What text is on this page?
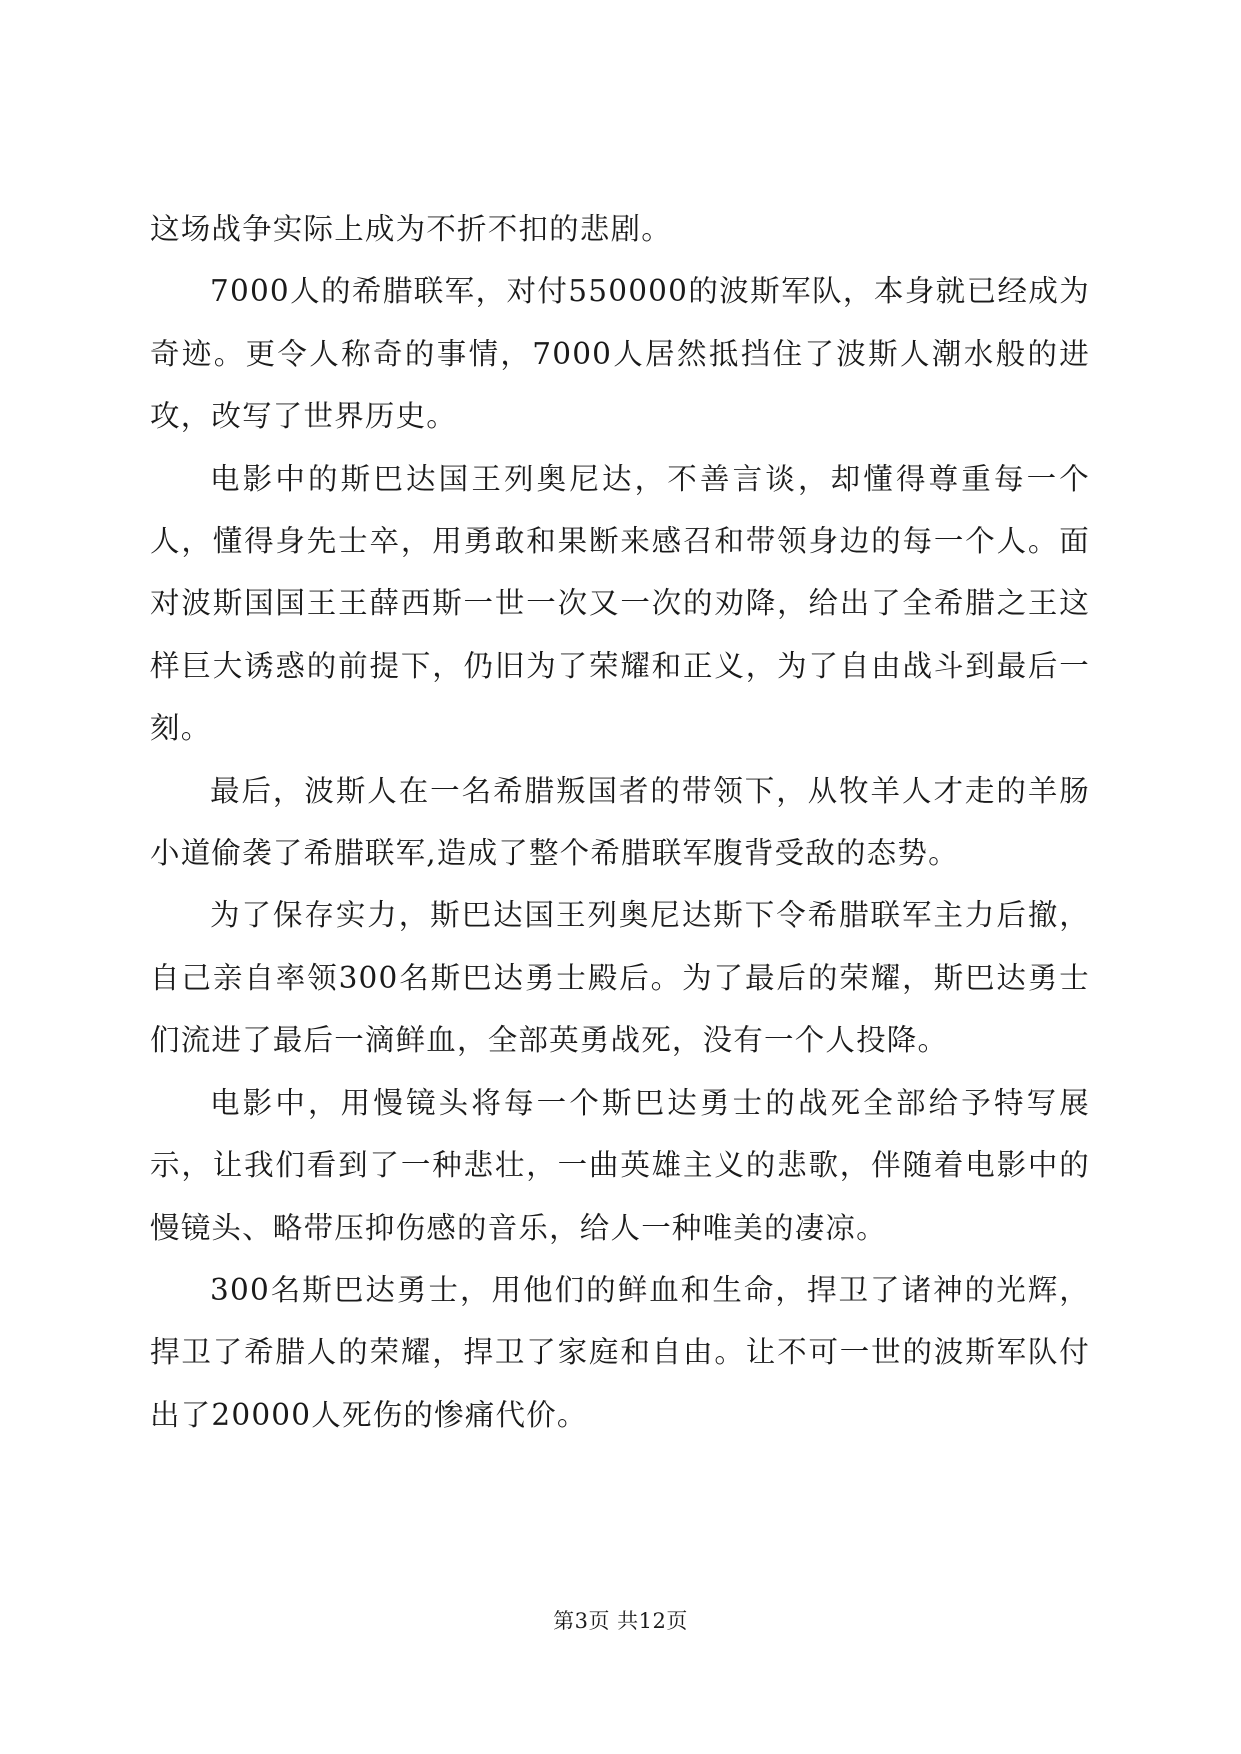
这场战争实际上成为不折不扣的悲剧。

7000人的希腊联军，对付550000的波斯军队，本身就已经成为奇迹。更令人称奇的事情，7000人居然抵挡住了波斯人潮水般的进攻，改写了世界历史。

电影中的斯巴达国王列奥尼达，不善言谈，却懂得尊重每一个人，懂得身先士卒，用勇敢和果断来感召和带领身边的每一个人。面对波斯国国王王薛西斯一世一次又一次的劝降，给出了全希腊之王这样巨大诱惑的前提下，仍旧为了荣耀和正义，为了自由战斗到最后一刻。

最后，波斯人在一名希腊叛国者的带领下，从牧羊人才走的羊肠小道偷袭了希腊联军,造成了整个希腊联军腹背受敌的态势。

为了保存实力，斯巴达国王列奥尼达斯下令希腊联军主力后撤，自己亲自率领300名斯巴达勇士殿后。为了最后的荣耀，斯巴达勇士们流进了最后一滴鲜血，全部英勇战死，没有一个人投降。

电影中，用慢镜头将每一个斯巴达勇士的战死全部给予特写展示，让我们看到了一种悲壮，一曲英雄主义的悲歌，伴随着电影中的慢镜头、略带压抑伤感的音乐，给人一种唯美的凄凉。

300名斯巴达勇士，用他们的鲜血和生命，捍卫了诸神的光辉，捍卫了希腊人的荣耀，捍卫了家庭和自由。让不可一世的波斯军队付出了20000人死伤的惨痛代价。

第3页 共12页
